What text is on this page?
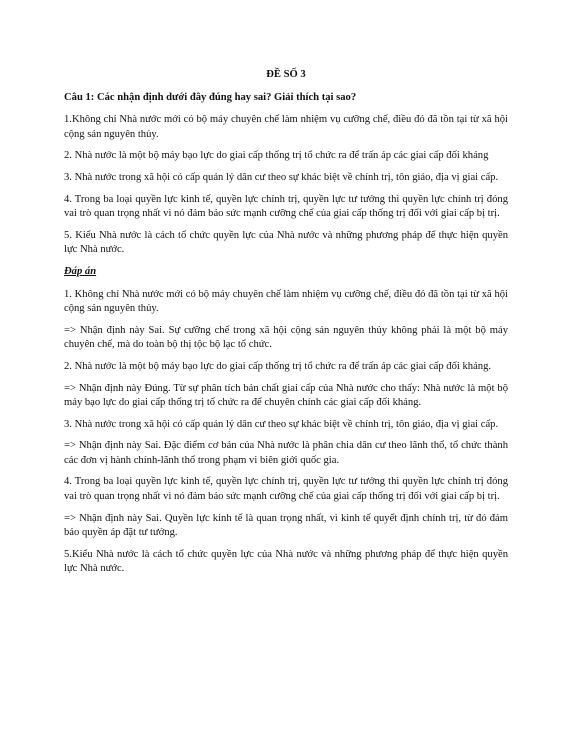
ĐỀ SỐ 3
Câu 1: Các nhận định dưới đây đúng hay sai? Giải thích tại sao?

1.Không chỉ Nhà nước mới có bộ máy chuyên chế làm nhiệm vụ cưỡng chế, điều đó đã tồn tại từ xã hội cộng sản nguyên thủy.

2. Nhà nước là một bộ máy bạo lực do giai cấp thống trị tổ chức ra để trấn áp các giai cấp đối kháng

3. Nhà nước trong xã hội có cấp quản lý dân cư theo sự khác biệt về chính trị, tôn giáo, địa vị giai cấp.

4. Trong ba loại quyền lực kinh tế, quyền lực chính trị, quyền lực tư tưởng thì quyền lực chính trị đóng vai trò quan trọng nhất vì nó đảm bảo sức mạnh cưỡng chế của giai cấp thống trị đối với giai cấp bị trị.

5. Kiểu Nhà nước là cách tổ chức quyền lực của Nhà nước và những phương pháp để thực hiện quyền lực Nhà nước.

Đáp án

1. Không chỉ Nhà nước mới có bộ máy chuyên chế làm nhiệm vụ cưỡng chế, điều đó đã tồn tại từ xã hội cộng sản nguyên thủy.

=> Nhận định này Sai. Sự cưỡng chế trong xã hội cộng sản nguyên thủy không phải là một bộ máy chuyên chế, mà do toàn bộ thị tộc bộ lạc tổ chức.

2. Nhà nước là một bộ máy bạo lực do giai cấp thống trị tổ chức ra để trấn áp các giai cấp đối kháng.

=> Nhận định này Đúng. Từ sự phân tích bản chất giai cấp của Nhà nước cho thấy: Nhà nước là một bộ máy bạo lực do giai cấp thống trị tổ chức ra để chuyên chính các giai cấp đối kháng.

3. Nhà nước trong xã hội có cấp quản lý dân cư theo sự khác biệt về chính trị, tôn giáo, địa vị giai cấp.

=> Nhận định này Sai. Đặc điểm cơ bản của Nhà nước là phân chia dân cư theo lãnh thổ, tổ chức thành các đơn vị hành chính-lãnh thổ trong phạm vi biên giới quốc gia.

4. Trong ba loại quyền lực kinh tế, quyền lực chính trị, quyền lực tư tưởng thì quyền lực chính trị đóng vai trò quan trọng nhất vì nó đảm bảo sức mạnh cưỡng chế của giai cấp thống trị đối với giai cấp bị trị.

=> Nhận định này Sai. Quyền lực kinh tế là quan trọng nhất, vì kinh tế quyết định chính trị, từ đó đảm bảo quyền áp đặt tư tưởng.

5.Kiểu Nhà nước là cách tổ chức quyền lực của Nhà nước và những phương pháp để thực hiện quyền lực Nhà nước.
